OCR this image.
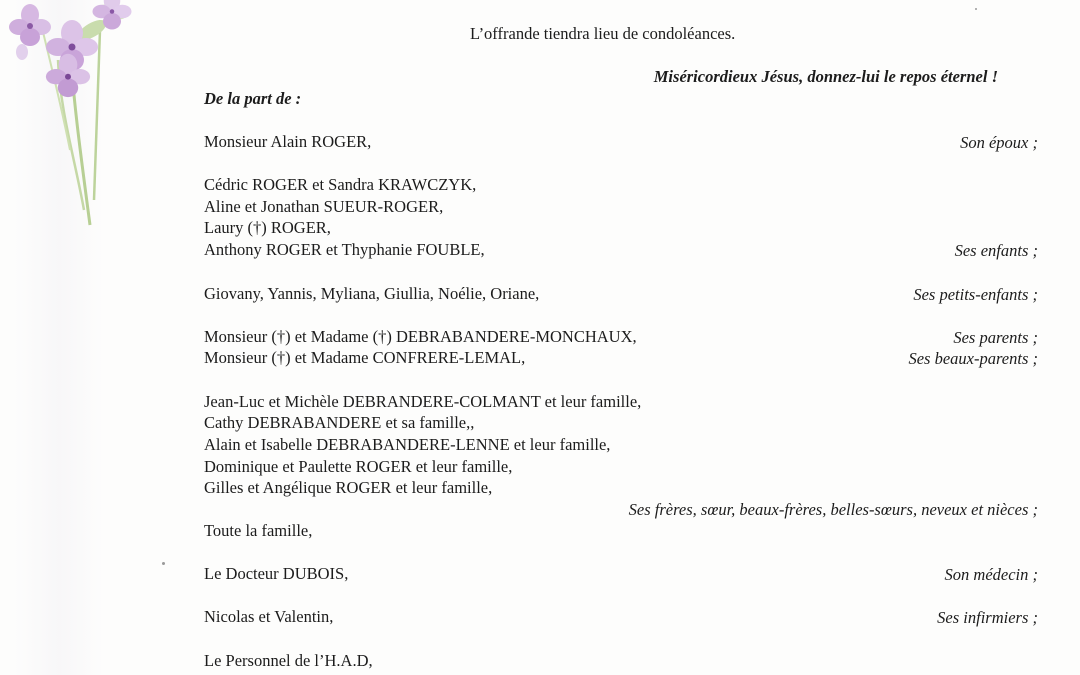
L’offrande tiendra lieu de condoléances.
Miséricordieux Jésus, donnez-lui le repos éternel !
De la part de :
Monsieur Alain ROGER,	Son époux ;
Cédric ROGER et Sandra KRAWCZYK,
Aline et Jonathan SUEUR-ROGER,
Laury (†) ROGER,
Anthony ROGER et Thyphanie FOUBLE,	Ses enfants ;
Giovany, Yannis, Myliana, Giullia, Noélie, Oriane,	Ses petits-enfants ;
Monsieur (†) et Madame (†) DEBRABANDERE-MONCHAUX,	Ses parents ;
Monsieur (†) et Madame CONFRERE-LEMAL,	Ses beaux-parents ;
Jean-Luc et Michèle DEBRANDERE-COLMANT et leur famille,
Cathy DEBRABANDERE et sa famille,,
Alain et Isabelle DEBRABANDERE-LENNE et leur famille,
Dominique et Paulette ROGER et leur famille,
Gilles et Angélique ROGER et leur famille,
Ses frères, sœur, beaux-frères, belles-sœurs, neveux et nièces ;
Toute la famille,
Le Docteur DUBOIS,	Son médecin ;
Nicolas et Valentin,	Ses infirmiers ;
Le Personnel de l’H.A.D,
